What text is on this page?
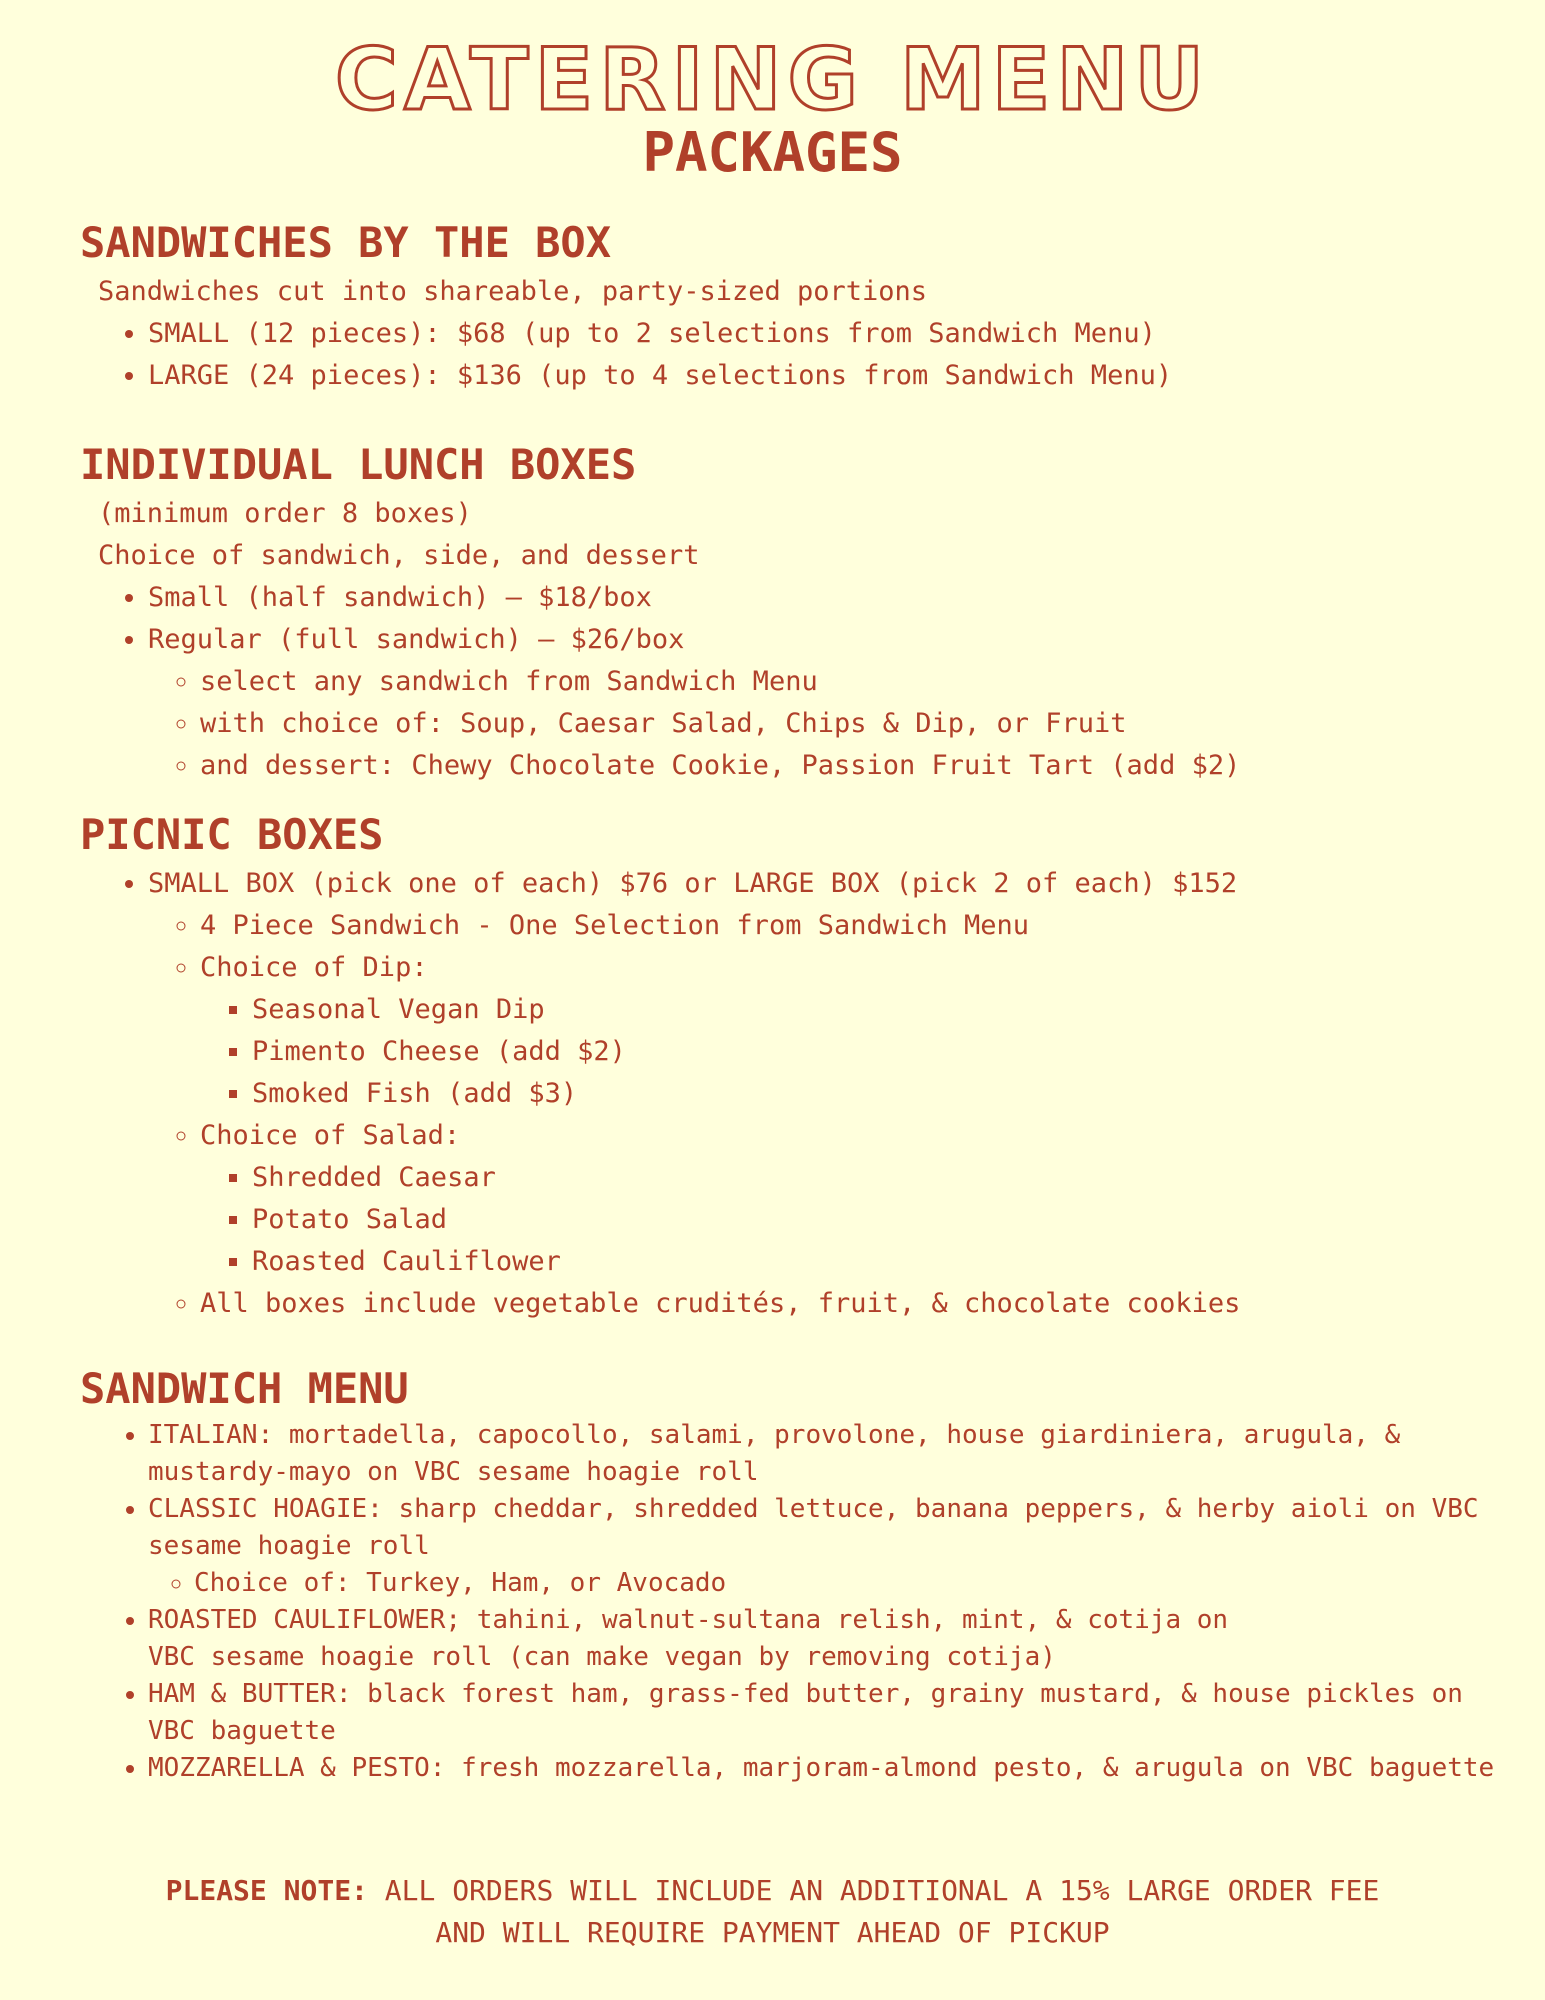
CATERING MENU
PACKAGES
SANDWICHES BY THE BOX

Sandwiches cut into shareable, party-sized portions

• SMALL (12 pieces): $68 (up to 2 selections from Sandwich Menu)
• LARGE (24 pieces): $136 (up to 4 selections from Sandwich Menu)
INDIVIDUAL LUNCH BOXES

(minimum order 8 boxes)

Choice of sandwich, side, and dessert

• Small (half sandwich) — $18/box
• Regular (full sandwich) — $26/box
◦ select any sandwich from Sandwich Menu
◦ with choice of: Soup, Caesar Salad, Chips & Dip, or Fruit
◦ and dessert: Chewy Chocolate Cookie, Passion Fruit Tart (add $2)
PICNIC BOXES
• SMALL BOX (pick one of each) $76 or LARGE BOX (pick 2 of each) $152
◦ 4 Piece Sandwich - One Selection from Sandwich Menu
◦ Choice of Dip:
▪ Seasonal Vegan Dip
▪ Pimento Cheese (add $2)
▪ Smoked Fish (add $3)
◦ Choice of Salad:
▪ Shredded Caesar
▪ Potato Salad
▪ Roasted Cauliflower
◦ All boxes include vegetable crudités, fruit, & chocolate cookies
SANDWICH MENU
• ITALIAN: mortadella, capocollo, salami, provolone, house giardiniera, arugula, & mustardy-mayo on VBC sesame hoagie roll
• CLASSIC HOAGIE: sharp cheddar, shredded lettuce, banana peppers, & herby aioli on VBC sesame hoagie roll
◦ Choice of: Turkey, Ham, or Avocado
• ROASTED CAULIFLOWER; tahini, walnut-sultana relish, mint, & cotija on
VBC sesame hoagie roll (can make vegan by removing cotija)
• HAM & BUTTER: black forest ham, grass-fed butter, grainy mustard, & house pickles on VBC baguette
• MOZZARELLA & PESTO: fresh mozzarella, marjoram-almond pesto, & arugula on VBC baguette
PLEASE NOTE: ALL ORDERS WILL INCLUDE AN ADDITIONAL A 15% LARGE ORDER FEE
AND WILL REQUIRE PAYMENT AHEAD OF PICKUP
